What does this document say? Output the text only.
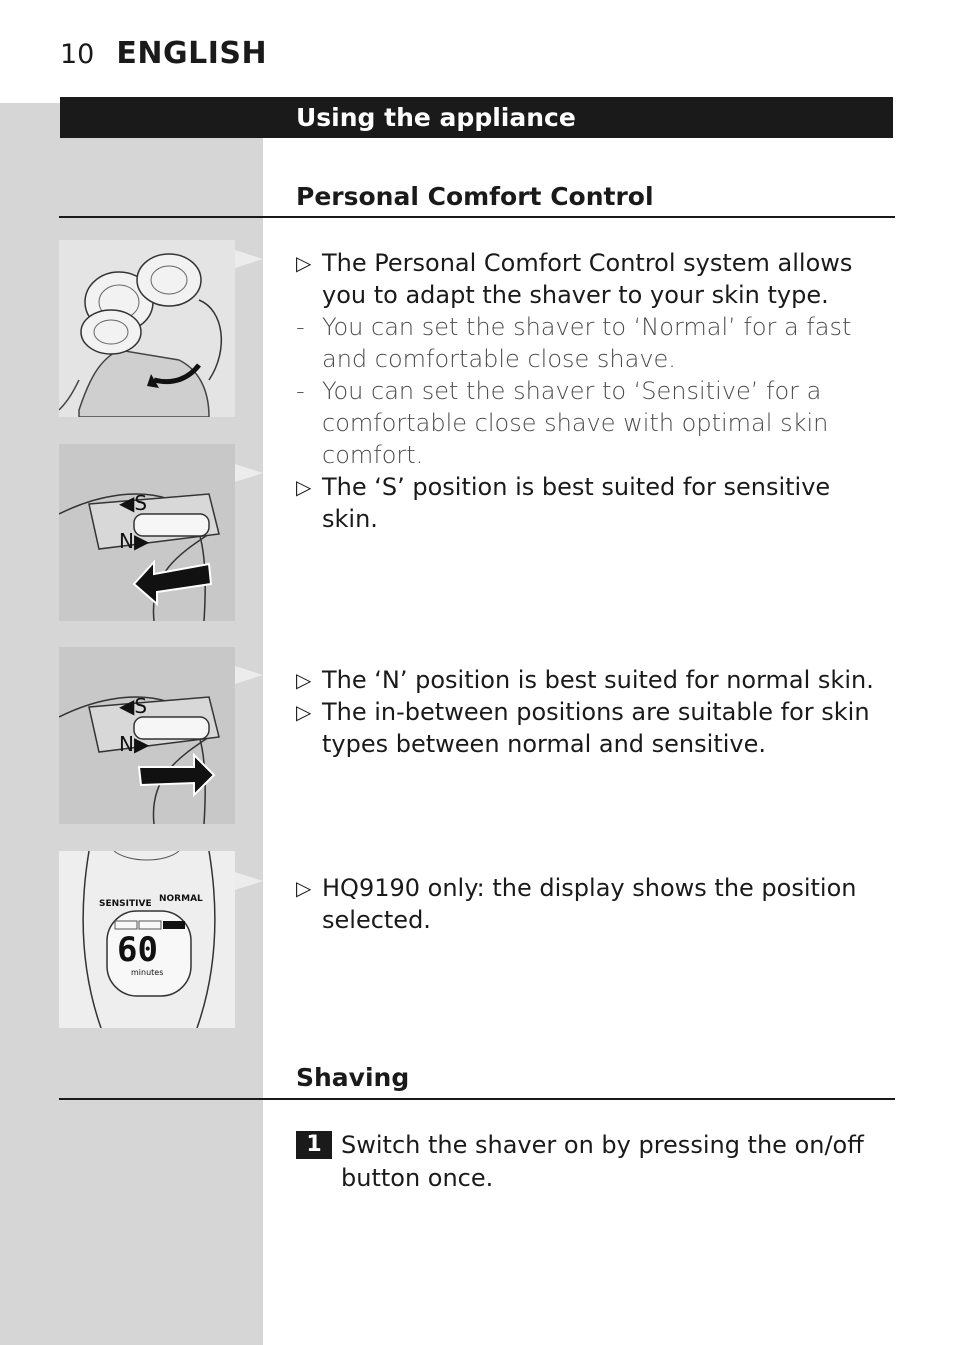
10 ENGLISH
Using the appliance
Personal Comfort Control
▷ The Personal Comfort Control system allows you to adapt the shaver to your skin type.
- You can set the shaver to ‘Normal’ for a fast and comfortable close shave.
- You can set the shaver to ‘Sensitive’ for a comfortable close shave with optimal skin comfort.
▷ The ‘S’ position is best suited for sensitive skin.
◀S
N▶
◀S
N▶
▷ The ‘N’ position is best suited for normal skin.
▷ The in-between positions are suitable for skin types between normal and sensitive.
SENSITIVE NORMAL
60
minutes
▷ HQ9190 only: the display shows the position selected.
Shaving
1 Switch the shaver on by pressing the on/off button once.
